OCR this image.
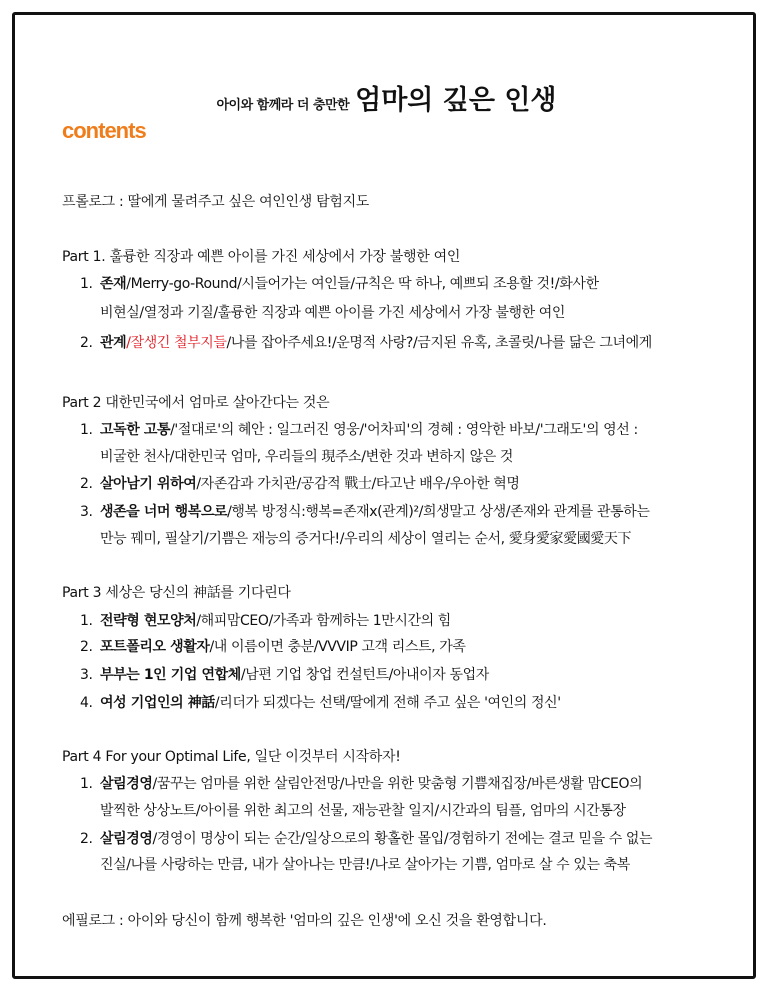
아이와 함께라 더 충만한 엄마의 깊은 인생
contents
프롤로그 : 딸에게 물려주고 싶은 여인인생 탐험지도
Part 1. 훌륭한 직장과 예쁜 아이를 가진 세상에서 가장 불행한 여인
1. 존재/Merry-go-Round/시들어가는 여인들/규칙은 딱 하나, 예쁘되 조용할 것!/화사한
비현실/열정과 기질/훌륭한 직장과 예쁜 아이를 가진 세상에서 가장 불행한 여인
2. 관계/잘생긴 철부지들/나를 잡아주세요!/운명적 사랑?/금지된 유혹, 초콜릿/나를 닮은 그녀에게
Part 2 대한민국에서 엄마로 살아간다는 것은
1. 고독한 고통/'절대로'의 혜안 : 일그러진 영웅/'어차피'의 경혜 : 영악한 바보/'그래도'의 영선 :
비굴한 천사/대한민국 엄마, 우리들의 現주소/변한 것과 변하지 않은 것
2. 살아남기 위하여/자존감과 가치관/공감적 戰士/타고난 배우/우아한 혁명
3. 생존을 너머 행복으로/행복 방정식:행복=존재x(관계)²/희생말고 상생/존재와 관계를 관통하는
만능 꿰미, 필살기/기쁨은 재능의 증거다!/우리의 세상이 열리는 순서, 愛身愛家愛國愛天下
Part 3 세상은 당신의 神話를 기다린다
1. 전략형 현모양처/해피맘CEO/가족과 함께하는 1만시간의 힘
2. 포트폴리오 생활자/내 이름이면 충분/VVVIP 고객 리스트, 가족
3. 부부는 1인 기업 연합체/남편 기업 창업 컨설턴트/아내이자 동업자
4. 여성 기업인의 神話/리더가 되겠다는 선택/딸에게 전해 주고 싶은 '여인의 정신'
Part 4 For your Optimal Life, 일단 이것부터 시작하자!
1. 살림경영/꿈꾸는 엄마를 위한 살림안전망/나만을 위한 맞춤형 기쁨채집장/바른생활 맘CEO의
발찍한 상상노트/아이를 위한 최고의 선물, 재능관찰 일지/시간과의 팀플, 엄마의 시간통장
2. 살림경영/경영이 명상이 되는 순간/일상으로의 황홀한 몰입/경험하기 전에는 결코 믿을 수 없는
진실/나를 사랑하는 만큼, 내가 살아나는 만큼!/나로 살아가는 기쁨, 엄마로 살 수 있는 축복
에필로그 : 아이와 당신이 함께 행복한 '엄마의 깊은 인생'에 오신 것을 환영합니다.
